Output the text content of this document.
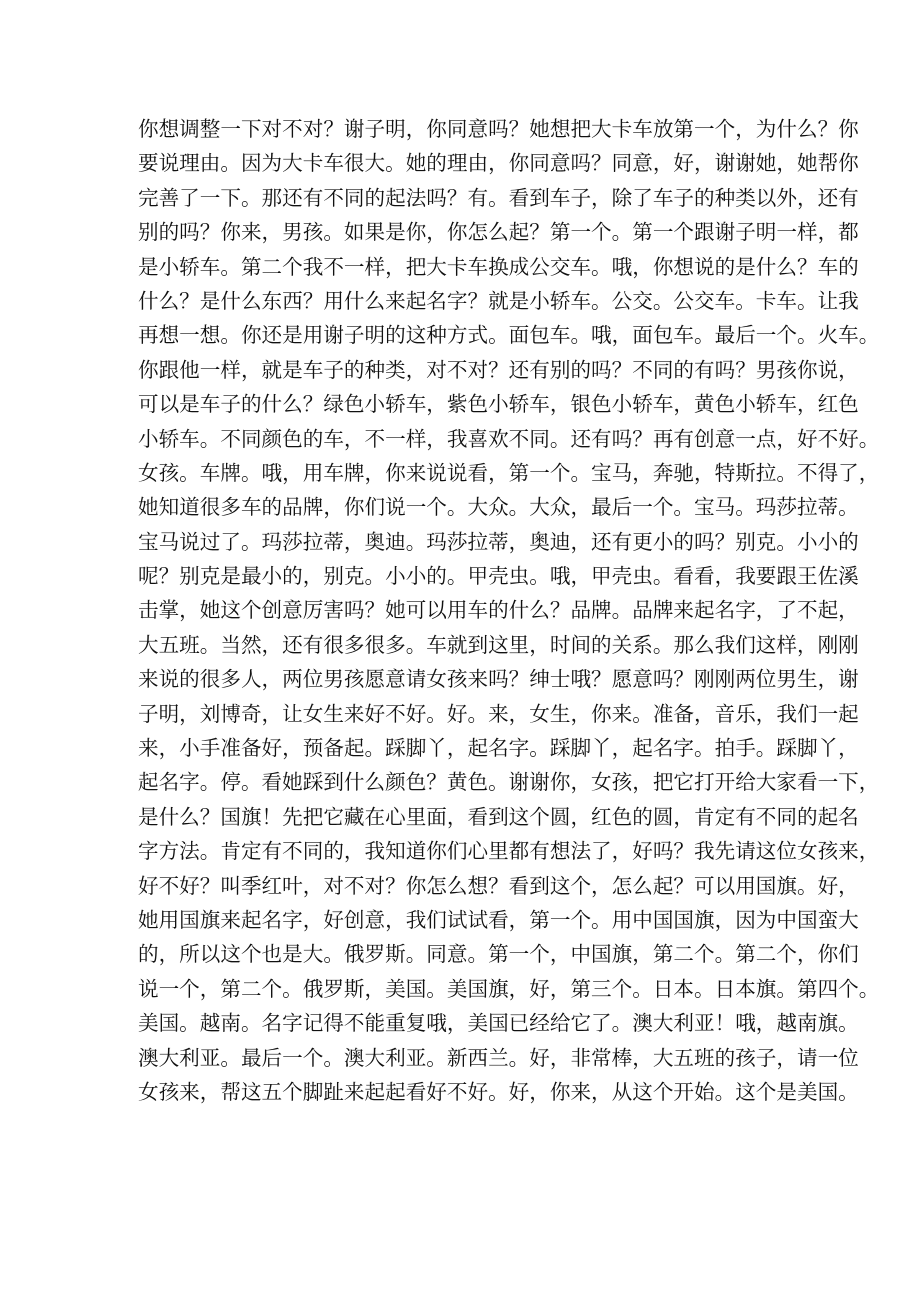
你想调整一下对不对？谢子明，你同意吗？她想把大卡车放第一个，为什么？你
要说理由。因为大卡车很大。她的理由，你同意吗？同意，好，谢谢她，她帮你
完善了一下。那还有不同的起法吗？有。看到车子，除了车子的种类以外，还有
别的吗？你来，男孩。如果是你，你怎么起？第一个。第一个跟谢子明一样，都
是小轿车。第二个我不一样，把大卡车换成公交车。哦，你想说的是什么？车的
什么？是什么东西？用什么来起名字？就是小轿车。公交。公交车。卡车。让我
再想一想。你还是用谢子明的这种方式。面包车。哦，面包车。最后一个。火车。
你跟他一样，就是车子的种类，对不对？还有别的吗？不同的有吗？男孩你说，
可以是车子的什么？绿色小轿车，紫色小轿车，银色小轿车，黄色小轿车，红色
小轿车。不同颜色的车，不一样，我喜欢不同。还有吗？再有创意一点，好不好。
女孩。车牌。哦，用车牌，你来说说看，第一个。宝马，奔驰，特斯拉。不得了，
她知道很多车的品牌，你们说一个。大众。大众，最后一个。宝马。玛莎拉蒂。
宝马说过了。玛莎拉蒂，奥迪。玛莎拉蒂，奥迪，还有更小的吗？别克。小小的
呢？别克是最小的，别克。小小的。甲壳虫。哦，甲壳虫。看看，我要跟王佐溪
击掌，她这个创意厉害吗？她可以用车的什么？品牌。品牌来起名字，了不起，
大五班。当然，还有很多很多。车就到这里，时间的关系。那么我们这样，刚刚
来说的很多人，两位男孩愿意请女孩来吗？绅士哦？愿意吗？刚刚两位男生，谢
子明，刘博奇，让女生来好不好。好。来，女生，你来。准备，音乐，我们一起
来，小手准备好，预备起。踩脚丫，起名字。踩脚丫，起名字。拍手。踩脚丫，
起名字。停。看她踩到什么颜色？黄色。谢谢你，女孩，把它打开给大家看一下，
是什么？国旗！先把它藏在心里面，看到这个圆，红色的圆，肯定有不同的起名
字方法。肯定有不同的，我知道你们心里都有想法了，好吗？我先请这位女孩来，
好不好？叫季红叶，对不对？你怎么想？看到这个，怎么起？可以用国旗。好，
她用国旗来起名字，好创意，我们试试看，第一个。用中国国旗，因为中国蛮大
的，所以这个也是大。俄罗斯。同意。第一个，中国旗，第二个。第二个，你们
说一个，第二个。俄罗斯，美国。美国旗，好，第三个。日本。日本旗。第四个。
美国。越南。名字记得不能重复哦，美国已经给它了。澳大利亚！哦，越南旗。
澳大利亚。最后一个。澳大利亚。新西兰。好，非常棒，大五班的孩子，请一位
女孩来，帮这五个脚趾来起起看好不好。好，你来，从这个开始。这个是美国。
